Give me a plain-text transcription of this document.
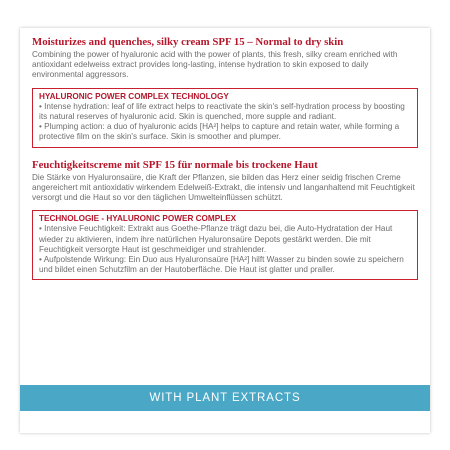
Moisturizes and quenches, silky cream SPF 15 – Normal to dry skin

Combining the power of hyaluronic acid with the power of plants, this fresh, silky cream enriched with antioxidant edelweiss extract provides long-lasting, intense hydration to skin exposed to daily environmental aggressors.

HYALURONIC POWER COMPLEX TECHNOLOGY

• Intense hydration: leaf of life extract helps to reactivate the skin's self-hydration process by boosting its natural reserves of hyaluronic acid. Skin is quenched, more supple and radiant.

• Plumping action: a duo of hyaluronic acids [HA²] helps to capture and retain water, while forming a protective film on the skin's surface. Skin is smoother and plumper.

Feuchtigkeitscreme mit SPF 15 für normale bis trockene Haut

Die Stärke von Hyaluronsaüre, die Kraft der Pflanzen, sie bilden das Herz einer seidig frischen Creme angereichert mit antioxidativ wirkendem Edelweiß-Extrakt, die intensiv und langanhaltend mit Feuchtigkeit versorgt und die Haut so vor den täglichen Umwelteinflüssen schützt.

TECHNOLOGIE - HYALURONIC POWER COMPLEX

• Intensive Feuchtigkeit: Extrakt aus Goethe-Pflanze trägt dazu bei, die Auto-Hydratation der Haut wieder zu aktivieren, indem ihre natürlichen Hyaluronsaüre Depots gestärkt werden. Die mit Feuchtigkeit versorgte Haut ist geschmeidiger und strahlender.

• Aufpolstende Wirkung: Ein Duo aus Hyaluronsaüre [HA²] hilft Wasser zu binden sowie zu speichern und bildet einen Schutzfilm an der Hautoberfläche. Die Haut ist glatter und praller.

WITH PLANT EXTRACTS
